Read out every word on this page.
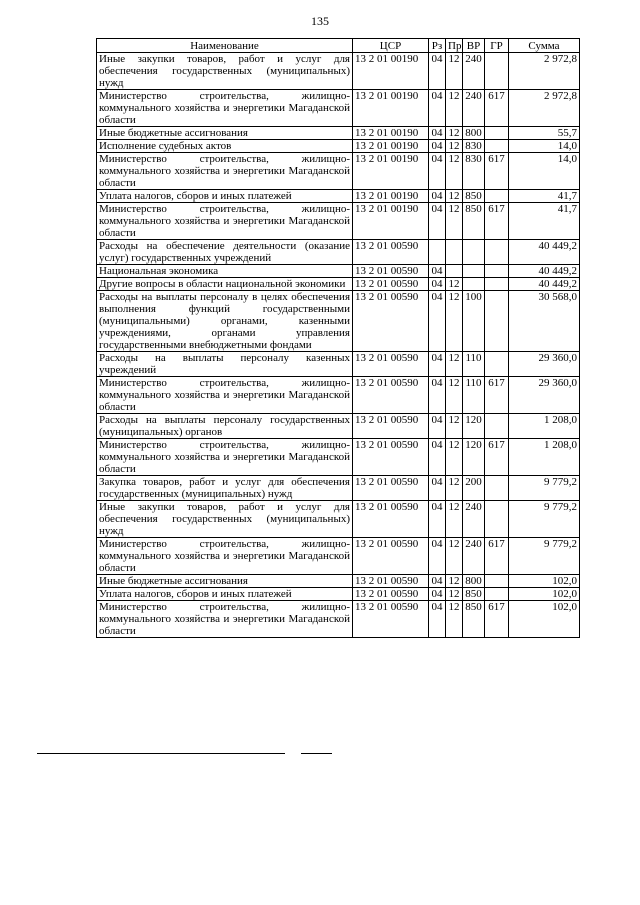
135
Наименование	ЦСР	Рз	Пр	ВР	ГР	Сумма
Иные закупки товаров, работ и услуг для обеспечения государственных (муниципальных) нужд	13 2 01 00190	04	12	240		2 972,8
Министерство строительства, жилищно-коммунального хозяйства и энергетики Магаданской области	13 2 01 00190	04	12	240	617	2 972,8
Иные бюджетные ассигнования	13 2 01 00190	04	12	800		55,7
Исполнение судебных актов	13 2 01 00190	04	12	830		14,0
Министерство строительства, жилищно-коммунального хозяйства и энергетики Магаданской области	13 2 01 00190	04	12	830	617	14,0
Уплата налогов, сборов и иных платежей	13 2 01 00190	04	12	850		41,7
Министерство строительства, жилищно-коммунального хозяйства и энергетики Магаданской области	13 2 01 00190	04	12	850	617	41,7
Расходы на обеспечение деятельности (оказание услуг) государственных учреждений	13 2 01 00590					40 449,2
Национальная экономика	13 2 01 00590	04				40 449,2
Другие вопросы в области национальной экономики	13 2 01 00590	04	12			40 449,2
Расходы на выплаты персоналу в целях обеспечения выполнения функций государственными (муниципальными) органами, казенными учреждениями, органами управления государственными внебюджетными фондами	13 2 01 00590	04	12	100		30 568,0
Расходы на выплаты персоналу казенных учреждений	13 2 01 00590	04	12	110		29 360,0
Министерство строительства, жилищно-коммунального хозяйства и энергетики Магаданской области	13 2 01 00590	04	12	110	617	29 360,0
Расходы на выплаты персоналу государственных (муниципальных) органов	13 2 01 00590	04	12	120		1 208,0
Министерство строительства, жилищно-коммунального хозяйства и энергетики Магаданской области	13 2 01 00590	04	12	120	617	1 208,0
Закупка товаров, работ и услуг для обеспечения государственных (муниципальных) нужд	13 2 01 00590	04	12	200		9 779,2
Иные закупки товаров, работ и услуг для обеспечения государственных (муниципальных) нужд	13 2 01 00590	04	12	240		9 779,2
Министерство строительства, жилищно-коммунального хозяйства и энергетики Магаданской области	13 2 01 00590	04	12	240	617	9 779,2
Иные бюджетные ассигнования	13 2 01 00590	04	12	800		102,0
Уплата налогов, сборов и иных платежей	13 2 01 00590	04	12	850		102,0
Министерство строительства, жилищно-коммунального хозяйства и энергетики Магаданской области	13 2 01 00590	04	12	850	617	102,0
